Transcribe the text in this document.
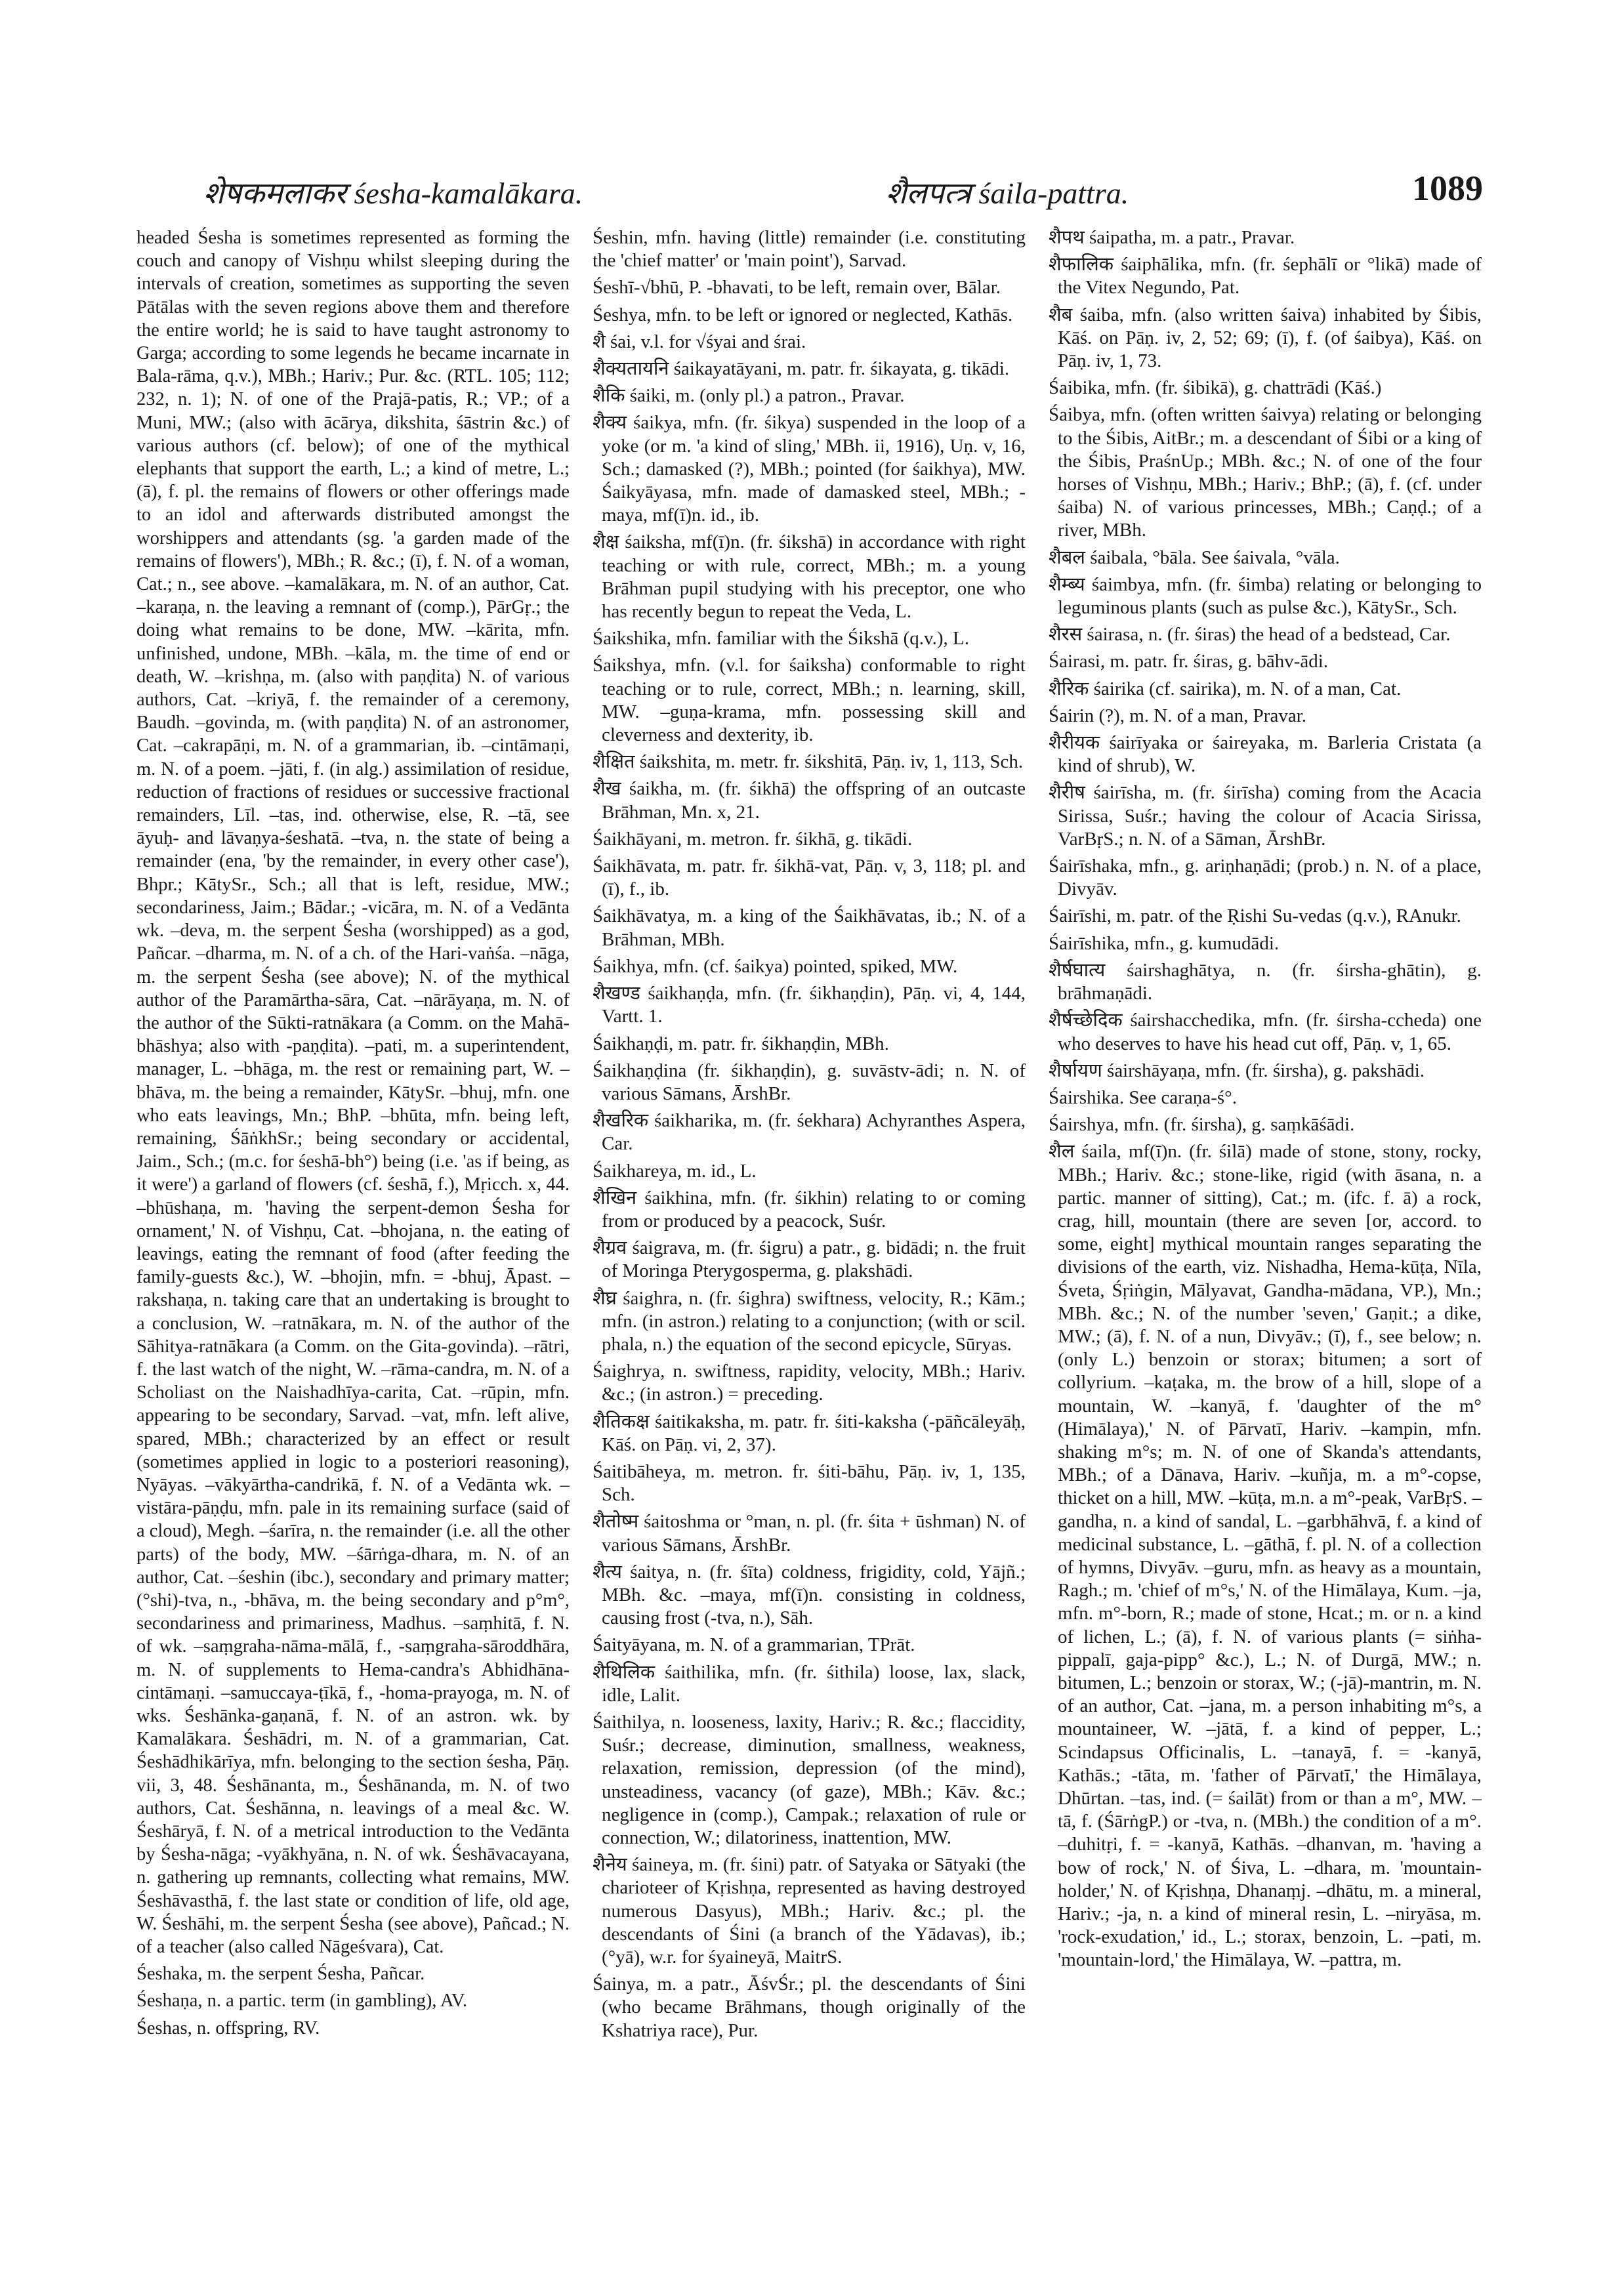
शेषकमलाकर śesha-kamalākara.	शैलपत्त्र śaila-pattra.	1089

headed Śesha is sometimes represented as forming the couch and canopy of Vishṇu whilst sleeping during the intervals of creation, sometimes as supporting the seven Pātālas with the seven regions above them and therefore the entire world; he is said to have taught astronomy to Garga; according to some legends he became incarnate in Bala-rāma, q.v.), MBh.; Hariv.; Pur. &c. (RTL. 105; 112; 232, n. 1); N. of one of the Prajā-patis, R.; VP.; of a Muni, MW.; (also with ācārya, dikshita, śāstrin &c.) of various authors (cf. below); of one of the mythical elephants that support the earth, L.; a kind of metre, L.; (ā), f. pl. the remains of flowers or other offerings made to an idol and afterwards distributed amongst the worshippers and attendants (sg. 'a garden made of the remains of flowers'), MBh.; R. &c.; (ī), f. N. of a woman, Cat.; n., see above. –kamalākara, m. N. of an author, Cat. –karaṇa, n. the leaving a remnant of (comp.), PārGṛ.; the doing what remains to be done, MW. –kārita, mfn. unfinished, undone, MBh. –kāla, m. the time of end or death, W. –krishṇa, m. (also with paṇḍita) N. of various authors, Cat. –kriyā, f. the remainder of a ceremony, Baudh. –govinda, m. (with paṇḍita) N. of an astronomer, Cat. –cakrapāṇi, m. N. of a grammarian, ib. –cintāmaṇi, m. N. of a poem. –jāti, f. (in alg.) assimilation of residue, reduction of fractions of residues or successive fractional remainders, Līl. –tas, ind. otherwise, else, R. –tā, see āyuḥ- and lāvaṇya-śeshatā. –tva, n. the state of being a remainder (ena, 'by the remainder, in every other case'), Bhpr.; KātySr., Sch.; all that is left, residue, MW.; secondariness, Jaim.; Bādar.; -vicāra, m. N. of a Vedānta wk. –deva, m. the serpent Śesha (worshipped) as a god, Pañcar. –dharma, m. N. of a ch. of the Hari-vaṅśa. –nāga, m. the serpent Śesha (see above); N. of the mythical author of the Paramārtha-sāra, Cat. –nārāyaṇa, m. N. of the author of the Sūkti-ratnākara (a Comm. on the Mahā-bhāshya; also with -paṇḍita). –pati, m. a superintendent, manager, L. –bhāga, m. the rest or remaining part, W. –bhāva, m. the being a remainder, KātySr. –bhuj, mfn. one who eats leavings, Mn.; BhP. –bhūta, mfn. being left, remaining, ŚāṅkhSr.; being secondary or accidental, Jaim., Sch.; (m.c. for śeshā-bh°) being (i.e. 'as if being, as it were') a garland of flowers (cf. śeshā, f.), Mṛicch. x, 44. –bhūshaṇa, m. 'having the serpent-demon Śesha for ornament,' N. of Vishṇu, Cat. –bhojana, n. the eating of leavings, eating the remnant of food (after feeding the family-guests &c.), W. –bhojin, mfn. = -bhuj, Āpast. –rakshaṇa, n. taking care that an undertaking is brought to a conclusion, W. –ratnākara, m. N. of the author of the Sāhitya-ratnākara (a Comm. on the Gita-govinda). –rātri, f. the last watch of the night, W. –rāma-candra, m. N. of a Scholiast on the Naishadhīya-carita, Cat. –rūpin, mfn. appearing to be secondary, Sarvad. –vat, mfn. left alive, spared, MBh.; characterized by an effect or result (sometimes applied in logic to a posteriori reasoning), Nyāyas. –vākyārtha-candrikā, f. N. of a Vedānta wk. –vistāra-pāṇḍu, mfn. pale in its remaining surface (said of a cloud), Megh. –śarīra, n. the remainder (i.e. all the other parts) of the body, MW. –śārṅga-dhara, m. N. of an author, Cat. –śeshin (ibc.), secondary and primary matter; (°shi)-tva, n., -bhāva, m. the being secondary and p°m°, secondariness and primariness, Madhus. –saṃhitā, f. N. of wk. –saṃgraha-nāma-mālā, f., -saṃgraha-sāroddhāra, m. N. of supplements to Hema-candra's Abhidhāna-cintāmaṇi. –samuccaya-ṭīkā, f., -homa-prayoga, m. N. of wks. Śeshānka-gaṇanā, f. N. of an astron. wk. by Kamalākara. Śeshādri, m. N. of a grammarian, Cat. Śeshādhikārīya, mfn. belonging to the section śesha, Pāṇ. vii, 3, 48. Śeshānanta, m., Śeshānanda, m. N. of two authors, Cat. Śeshānna, n. leavings of a meal &c. W. Śeshāryā, f. N. of a metrical introduction to the Vedānta by Śesha-nāga; -vyākhyāna, n. N. of wk. Śeshāvacayana, n. gathering up remnants, collecting what remains, MW. Śeshāvasthā, f. the last state or condition of life, old age, W. Śeshāhi, m. the serpent Śesha (see above), Pañcad.; N. of a teacher (also called Nāgeśvara), Cat.

Śeshaka, m. the serpent Śesha, Pañcar.

Śeshaṇa, n. a partic. term (in gambling), AV.

Śeshas, n. offspring, RV.

Śeshin, mfn. having (little) remainder (i.e. constituting the 'chief matter' or 'main point'), Sarvad.

Śeshī-√bhū, P. -bhavati, to be left, remain over, Bālar.

Śeshya, mfn. to be left or ignored or neglected, Kathās.

शै śai, v.l. for √śyai and śrai.

शैक्यतायनि śaikayatāyani, m. patr. fr. śikayata, g. tikādi.

शैकि śaiki, m. (only pl.) a patron., Pravar.

शैक्य śaikya, mfn. (fr. śikya) suspended in the loop of a yoke (or m. 'a kind of sling,' MBh. ii, 1916), Uṇ. v, 16, Sch.; damasked (?), MBh.; pointed (for śaikhya), MW. Śaikyāyasa, mfn. made of damasked steel, MBh.; -maya, mf(ī)n. id., ib.

शैक्ष śaiksha, mf(ī)n. (fr. śikshā) in accordance with right teaching or with rule, correct, MBh.; m. a young Brāhman pupil studying with his preceptor, one who has recently begun to repeat the Veda, L.

Śaikshika, mfn. familiar with the Śikshā (q.v.), L.

Śaikshya, mfn. (v.l. for śaiksha) conformable to right teaching or to rule, correct, MBh.; n. learning, skill, MW. –guṇa-krama, mfn. possessing skill and cleverness and dexterity, ib.

शैक्षित śaikshita, m. metr. fr. śikshitā, Pāṇ. iv, 1, 113, Sch.

शैख śaikha, m. (fr. śikhā) the offspring of an outcaste Brāhman, Mn. x, 21.

Śaikhāyani, m. metron. fr. śikhā, g. tikādi.

Śaikhāvata, m. patr. fr. śikhā-vat, Pāṇ. v, 3, 118; pl. and (ī), f., ib.

Śaikhāvatya, m. a king of the Śaikhāvatas, ib.; N. of a Brāhman, MBh.

Śaikhya, mfn. (cf. śaikya) pointed, spiked, MW.

शैखण्ड śaikhaṇḍa, mfn. (fr. śikhaṇḍin), Pāṇ. vi, 4, 144, Vartt. 1.

Śaikhaṇḍi, m. patr. fr. śikhaṇḍin, MBh.

Śaikhaṇḍina (fr. śikhaṇḍin), g. suvāstv-ādi; n. N. of various Sāmans, ĀrshBr.

शैखरिक śaikharika, m. (fr. śekhara) Achyranthes Aspera, Car.

Śaikhareya, m. id., L.

शैखिन śaikhina, mfn. (fr. śikhin) relating to or coming from or produced by a peacock, Suśr.

शैग्रव śaigrava, m. (fr. śigru) a patr., g. bidādi; n. the fruit of Moringa Pterygosperma, g. plakshādi.

शैघ्र śaighra, n. (fr. śighra) swiftness, velocity, R.; Kām.; mfn. (in astron.) relating to a conjunction; (with or scil. phala, n.) the equation of the second epicycle, Sūryas.

Śaighrya, n. swiftness, rapidity, velocity, MBh.; Hariv. &c.; (in astron.) = preceding.

शैतिकक्ष śaitikaksha, m. patr. fr. śiti-kaksha (-pāñcāleyāḥ, Kāś. on Pāṇ. vi, 2, 37).

Śaitibāheya, m. metron. fr. śiti-bāhu, Pāṇ. iv, 1, 135, Sch.

शैतोष्म śaitoshma or °man, n. pl. (fr. śita + ūshman) N. of various Sāmans, ĀrshBr.

शैत्य śaitya, n. (fr. śīta) coldness, frigidity, cold, Yājñ.; MBh. &c. –maya, mf(ī)n. consisting in coldness, causing frost (-tva, n.), Sāh.

Śaityāyana, m. N. of a grammarian, TPrāt.

शैथिलिक śaithilika, mfn. (fr. śithila) loose, lax, slack, idle, Lalit.

Śaithilya, n. looseness, laxity, Hariv.; R. &c.; flaccidity, Suśr.; decrease, diminution, smallness, weakness, relaxation, remission, depression (of the mind), unsteadiness, vacancy (of gaze), MBh.; Kāv. &c.; negligence in (comp.), Campak.; relaxation of rule or connection, W.; dilatoriness, inattention, MW.

शैनेय śaineya, m. (fr. śini) patr. of Satyaka or Sātyaki (the charioteer of Kṛishṇa, represented as having destroyed numerous Dasyus), MBh.; Hariv. &c.; pl. the descendants of Śini (a branch of the Yādavas), ib.; (°yā), w.r. for śyaineyā, MaitrS.

Śainya, m. a patr., ĀśvŚr.; pl. the descendants of Śini (who became Brāhmans, though originally of the Kshatriya race), Pur.

शैपथ śaipatha, m. a patr., Pravar.

शैफालिक śaiphālika, mfn. (fr. śephālī or °likā) made of the Vitex Negundo, Pat.

शैब śaiba, mfn. (also written śaiva) inhabited by Śibis, Kāś. on Pāṇ. iv, 2, 52; 69; (ī), f. (of śaibya), Kāś. on Pāṇ. iv, 1, 73.

Śaibika, mfn. (fr. śibikā), g. chattrādi (Kāś.)

Śaibya, mfn. (often written śaivya) relating or belonging to the Śibis, AitBr.; m. a descendant of Śibi or a king of the Śibis, PraśnUp.; MBh. &c.; N. of one of the four horses of Vishṇu, MBh.; Hariv.; BhP.; (ā), f. (cf. under śaiba) N. of various princesses, MBh.; Caṇḍ.; of a river, MBh.

शैबल śaibala, °bāla. See śaivala, °vāla.

शैम्ब्य śaimbya, mfn. (fr. śimba) relating or belonging to leguminous plants (such as pulse &c.), KātySr., Sch.

शैरस śairasa, n. (fr. śiras) the head of a bedstead, Car.

Śairasi, m. patr. fr. śiras, g. bāhv-ādi.

शैरिक śairika (cf. sairika), m. N. of a man, Cat.

Śairin (?), m. N. of a man, Pravar.

शैरीयक śairīyaka or śaireyaka, m. Barleria Cristata (a kind of shrub), W.

शैरीष śairīsha, m. (fr. śirīsha) coming from the Acacia Sirissa, Suśr.; having the colour of Acacia Sirissa, VarBṛS.; n. N. of a Sāman, ĀrshBr.

Śairīshaka, mfn., g. ariṇhaṇādi; (prob.) n. N. of a place, Divyāv.

Śairīshi, m. patr. of the Ṛishi Su-vedas (q.v.), RAnukr.

Śairīshika, mfn., g. kumudādi.

शैर्षघात्य śairshaghātya, n. (fr. śirsha-ghātin), g. brāhmaṇādi.

शैर्षच्छेदिक śairshacchedika, mfn. (fr. śirsha-ccheda) one who deserves to have his head cut off, Pāṇ. v, 1, 65.

शैर्षायण śairshāyaṇa, mfn. (fr. śirsha), g. pakshādi.

Śairshika. See caraṇa-ś°.

Śairshya, mfn. (fr. śirsha), g. saṃkāśādi.

शैल śaila, mf(ī)n. (fr. śilā) made of stone, stony, rocky, MBh.; Hariv. &c.; stone-like, rigid (with āsana, n. a partic. manner of sitting), Cat.; m. (ifc. f. ā) a rock, crag, hill, mountain (there are seven [or, accord. to some, eight] mythical mountain ranges separating the divisions of the earth, viz. Nishadha, Hema-kūṭa, Nīla, Śveta, Śṛiṅgin, Mālyavat, Gandha-mādana, VP.), Mn.; MBh. &c.; N. of the number 'seven,' Gaṇit.; a dike, MW.; (ā), f. N. of a nun, Divyāv.; (ī), f., see below; n. (only L.) benzoin or storax; bitumen; a sort of collyrium. –kaṭaka, m. the brow of a hill, slope of a mountain, W. –kanyā, f. 'daughter of the m° (Himālaya),' N. of Pārvatī, Hariv. –kampin, mfn. shaking m°s; m. N. of one of Skanda's attendants, MBh.; of a Dānava, Hariv. –kuñja, m. a m°-copse, thicket on a hill, MW. –kūṭa, m.n. a m°-peak, VarBṛS. –gandha, n. a kind of sandal, L. –garbhāhvā, f. a kind of medicinal substance, L. –gāthā, f. pl. N. of a collection of hymns, Divyāv. –guru, mfn. as heavy as a mountain, Ragh.; m. 'chief of m°s,' N. of the Himālaya, Kum. –ja, mfn. m°-born, R.; made of stone, Hcat.; m. or n. a kind of lichen, L.; (ā), f. N. of various plants (= siṅha-pippalī, gaja-pipp° &c.), L.; N. of Durgā, MW.; n. bitumen, L.; benzoin or storax, W.; (-jā)-mantrin, m. N. of an author, Cat. –jana, m. a person inhabiting m°s, a mountaineer, W. –jātā, f. a kind of pepper, L.; Scindapsus Officinalis, L. –tanayā, f. = -kanyā, Kathās.; -tāta, m. 'father of Pārvatī,' the Himālaya, Dhūrtan. –tas, ind. (= śailāt) from or than a m°, MW. –tā, f. (ŚārṅgP.) or -tva, n. (MBh.) the condition of a m°. –duhitṛi, f. = -kanyā, Kathās. –dhanvan, m. 'having a bow of rock,' N. of Śiva, L. –dhara, m. 'mountain-holder,' N. of Kṛishṇa, Dhanaṃj. –dhātu, m. a mineral, Hariv.; -ja, n. a kind of mineral resin, L. –niryāsa, m. 'rock-exudation,' id., L.; storax, benzoin, L. –pati, m. 'mountain-lord,' the Himālaya, W. –pattra, m.
